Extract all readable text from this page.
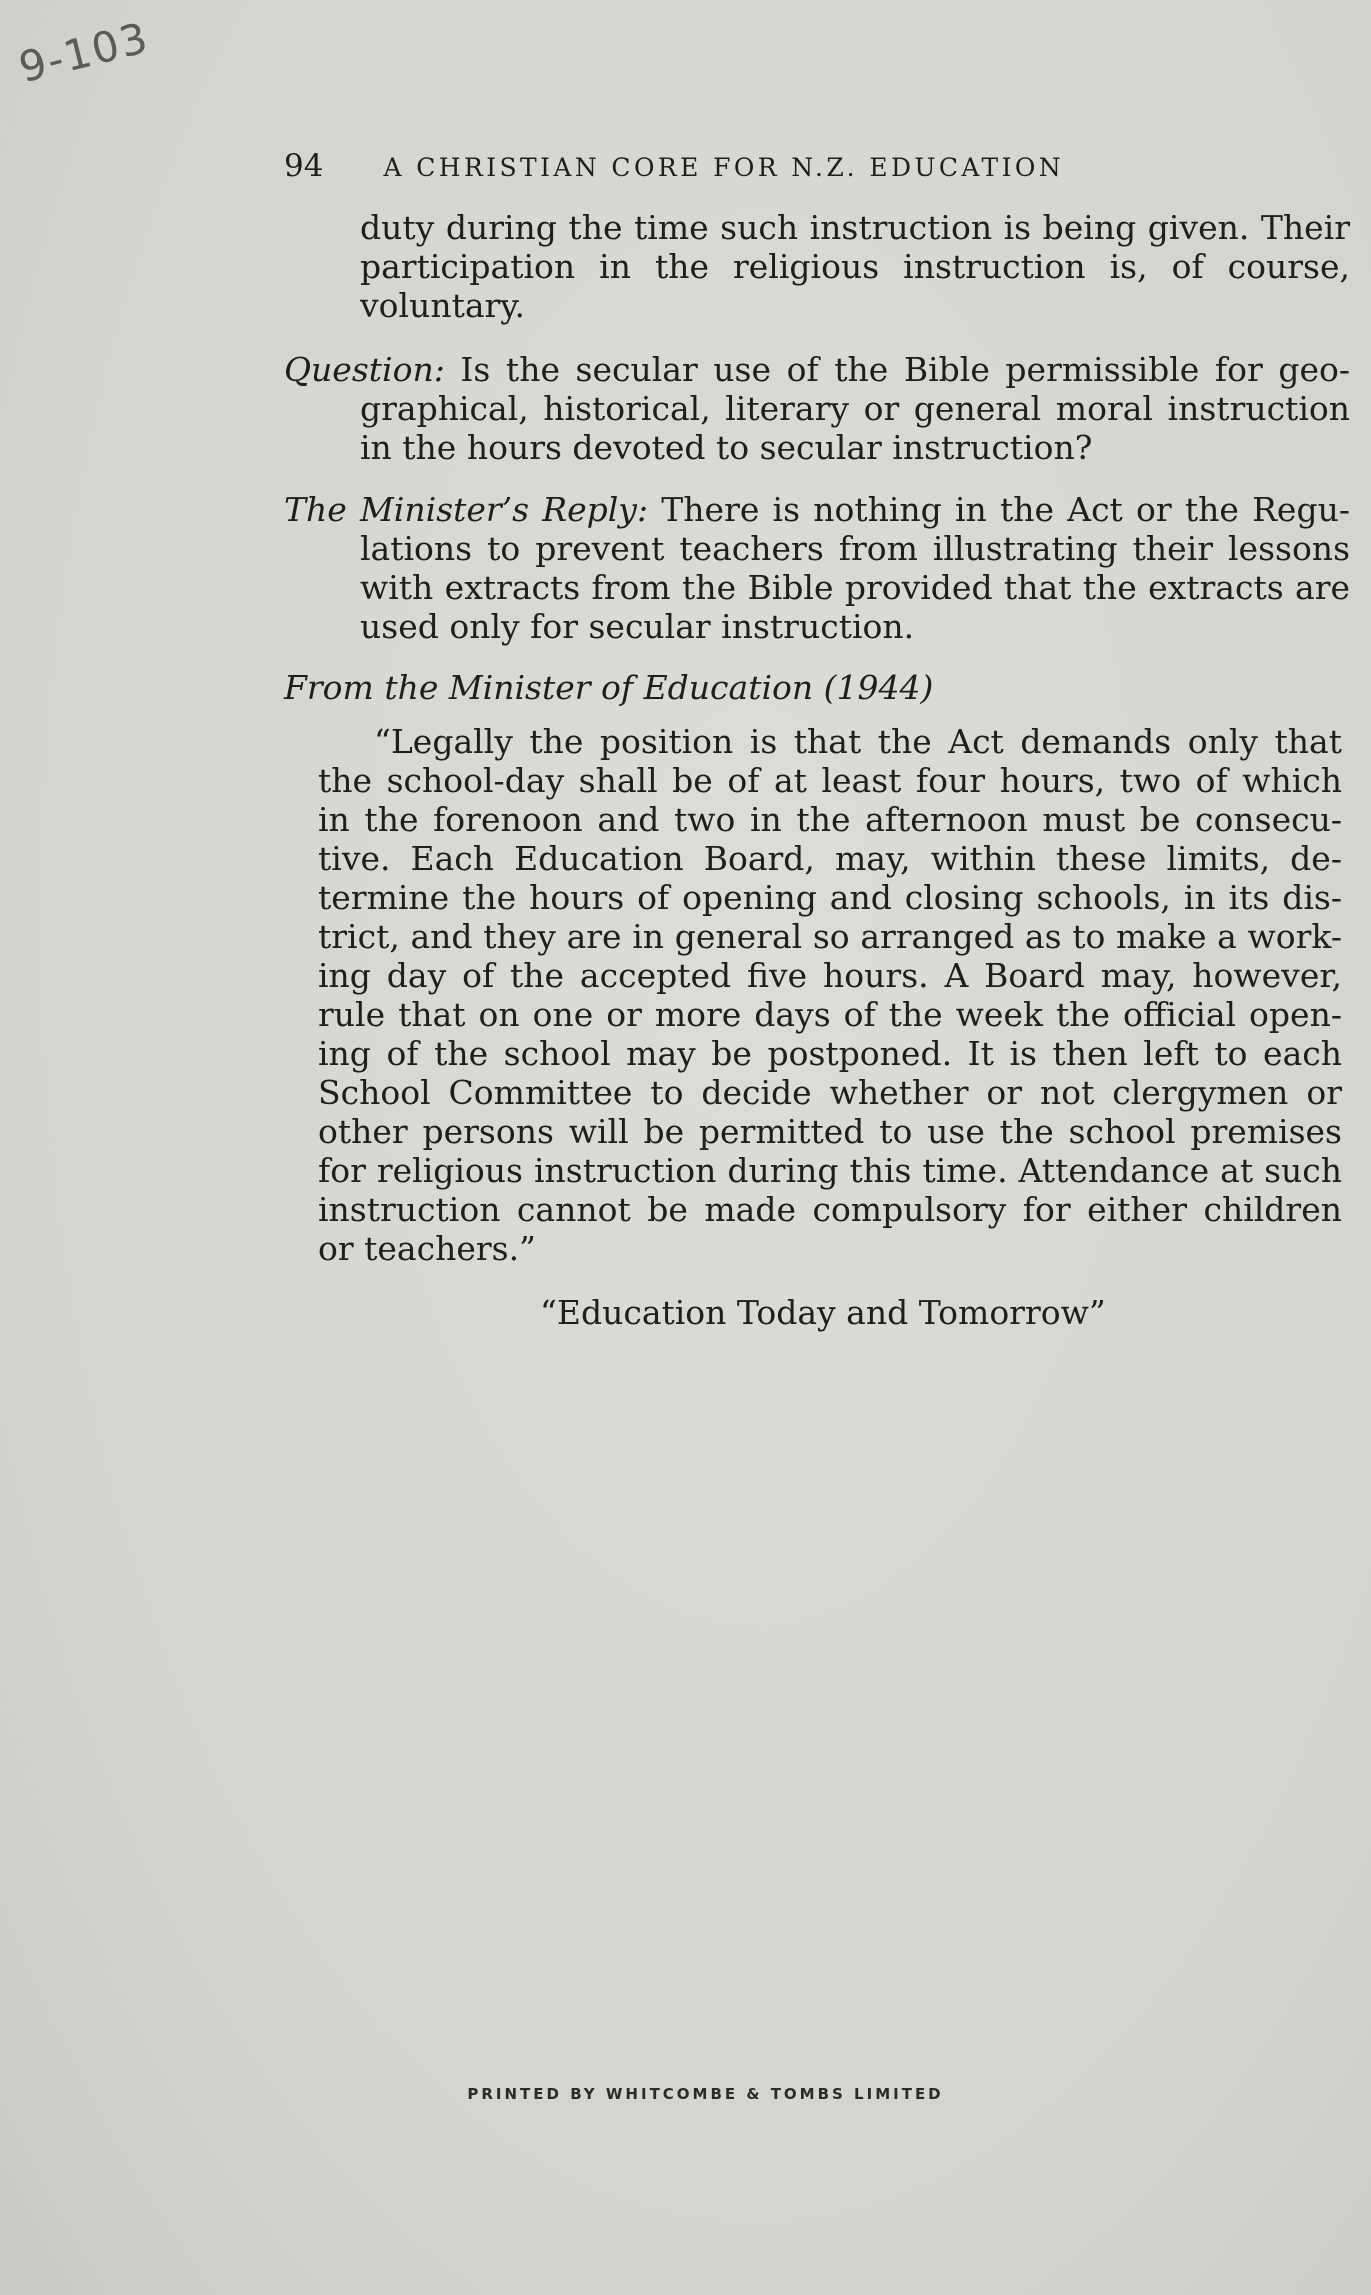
9-103
94 A CHRISTIAN CORE FOR N.Z. EDUCATION
duty during the time such instruction is being given. Their
participation in the religious instruction is, of course,
voluntary.
Question: Is the secular use of the Bible permissible for geo-
graphical, historical, literary or general moral instruction
in the hours devoted to secular instruction?
The Minister’s Reply: There is nothing in the Act or the Regu-
lations to prevent teachers from illustrating their lessons
with extracts from the Bible provided that the extracts are
used only for secular instruction.
From the Minister of Education (1944)
“Legally the position is that the Act demands only that
the school-day shall be of at least four hours, two of which
in the forenoon and two in the afternoon must be consecu-
tive. Each Education Board, may, within these limits, de-
termine the hours of opening and closing schools, in its dis-
trict, and they are in general so arranged as to make a work-
ing day of the accepted five hours. A Board may, however,
rule that on one or more days of the week the official open-
ing of the school may be postponed. It is then left to each
School Committee to decide whether or not clergymen or
other persons will be permitted to use the school premises
for religious instruction during this time. Attendance at such
instruction cannot be made compulsory for either children
or teachers.”
“Education Today and Tomorrow”
PRINTED BY WHITCOMBE & TOMBS LIMITED
